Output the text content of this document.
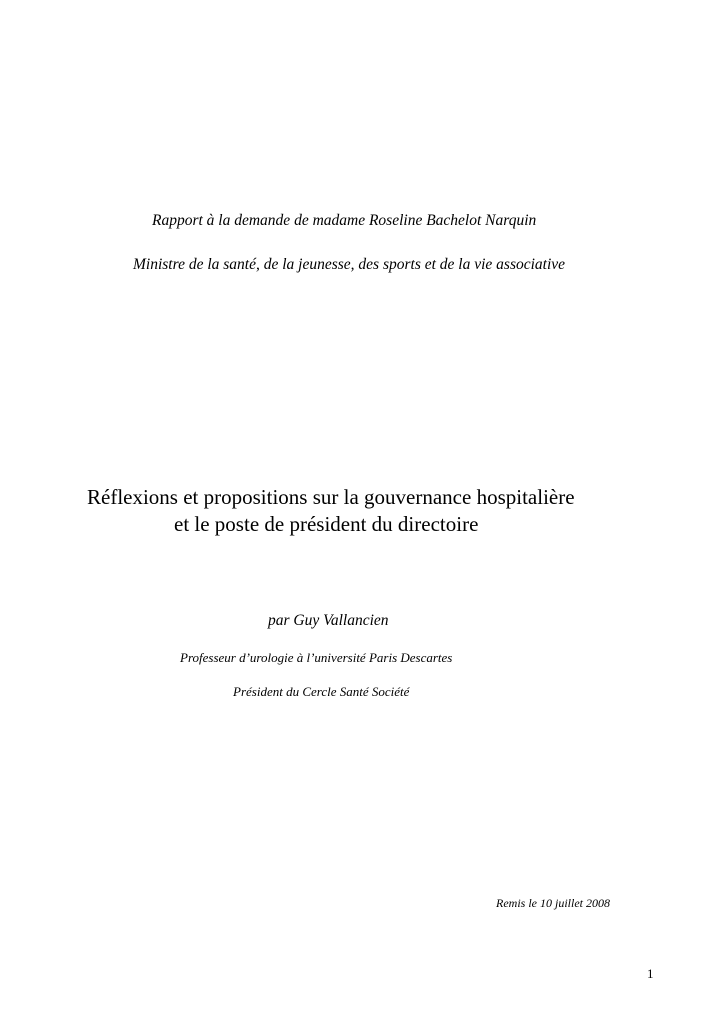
Rapport à la demande de madame Roseline Bachelot Narquin
Ministre de la santé, de la jeunesse, des sports et de la vie associative
Réflexions et propositions sur la gouvernance hospitalière
et le poste de président du directoire
par Guy Vallancien
Professeur d’urologie à l’université Paris Descartes
Président du Cercle Santé Société
Remis le 10 juillet 2008
1
